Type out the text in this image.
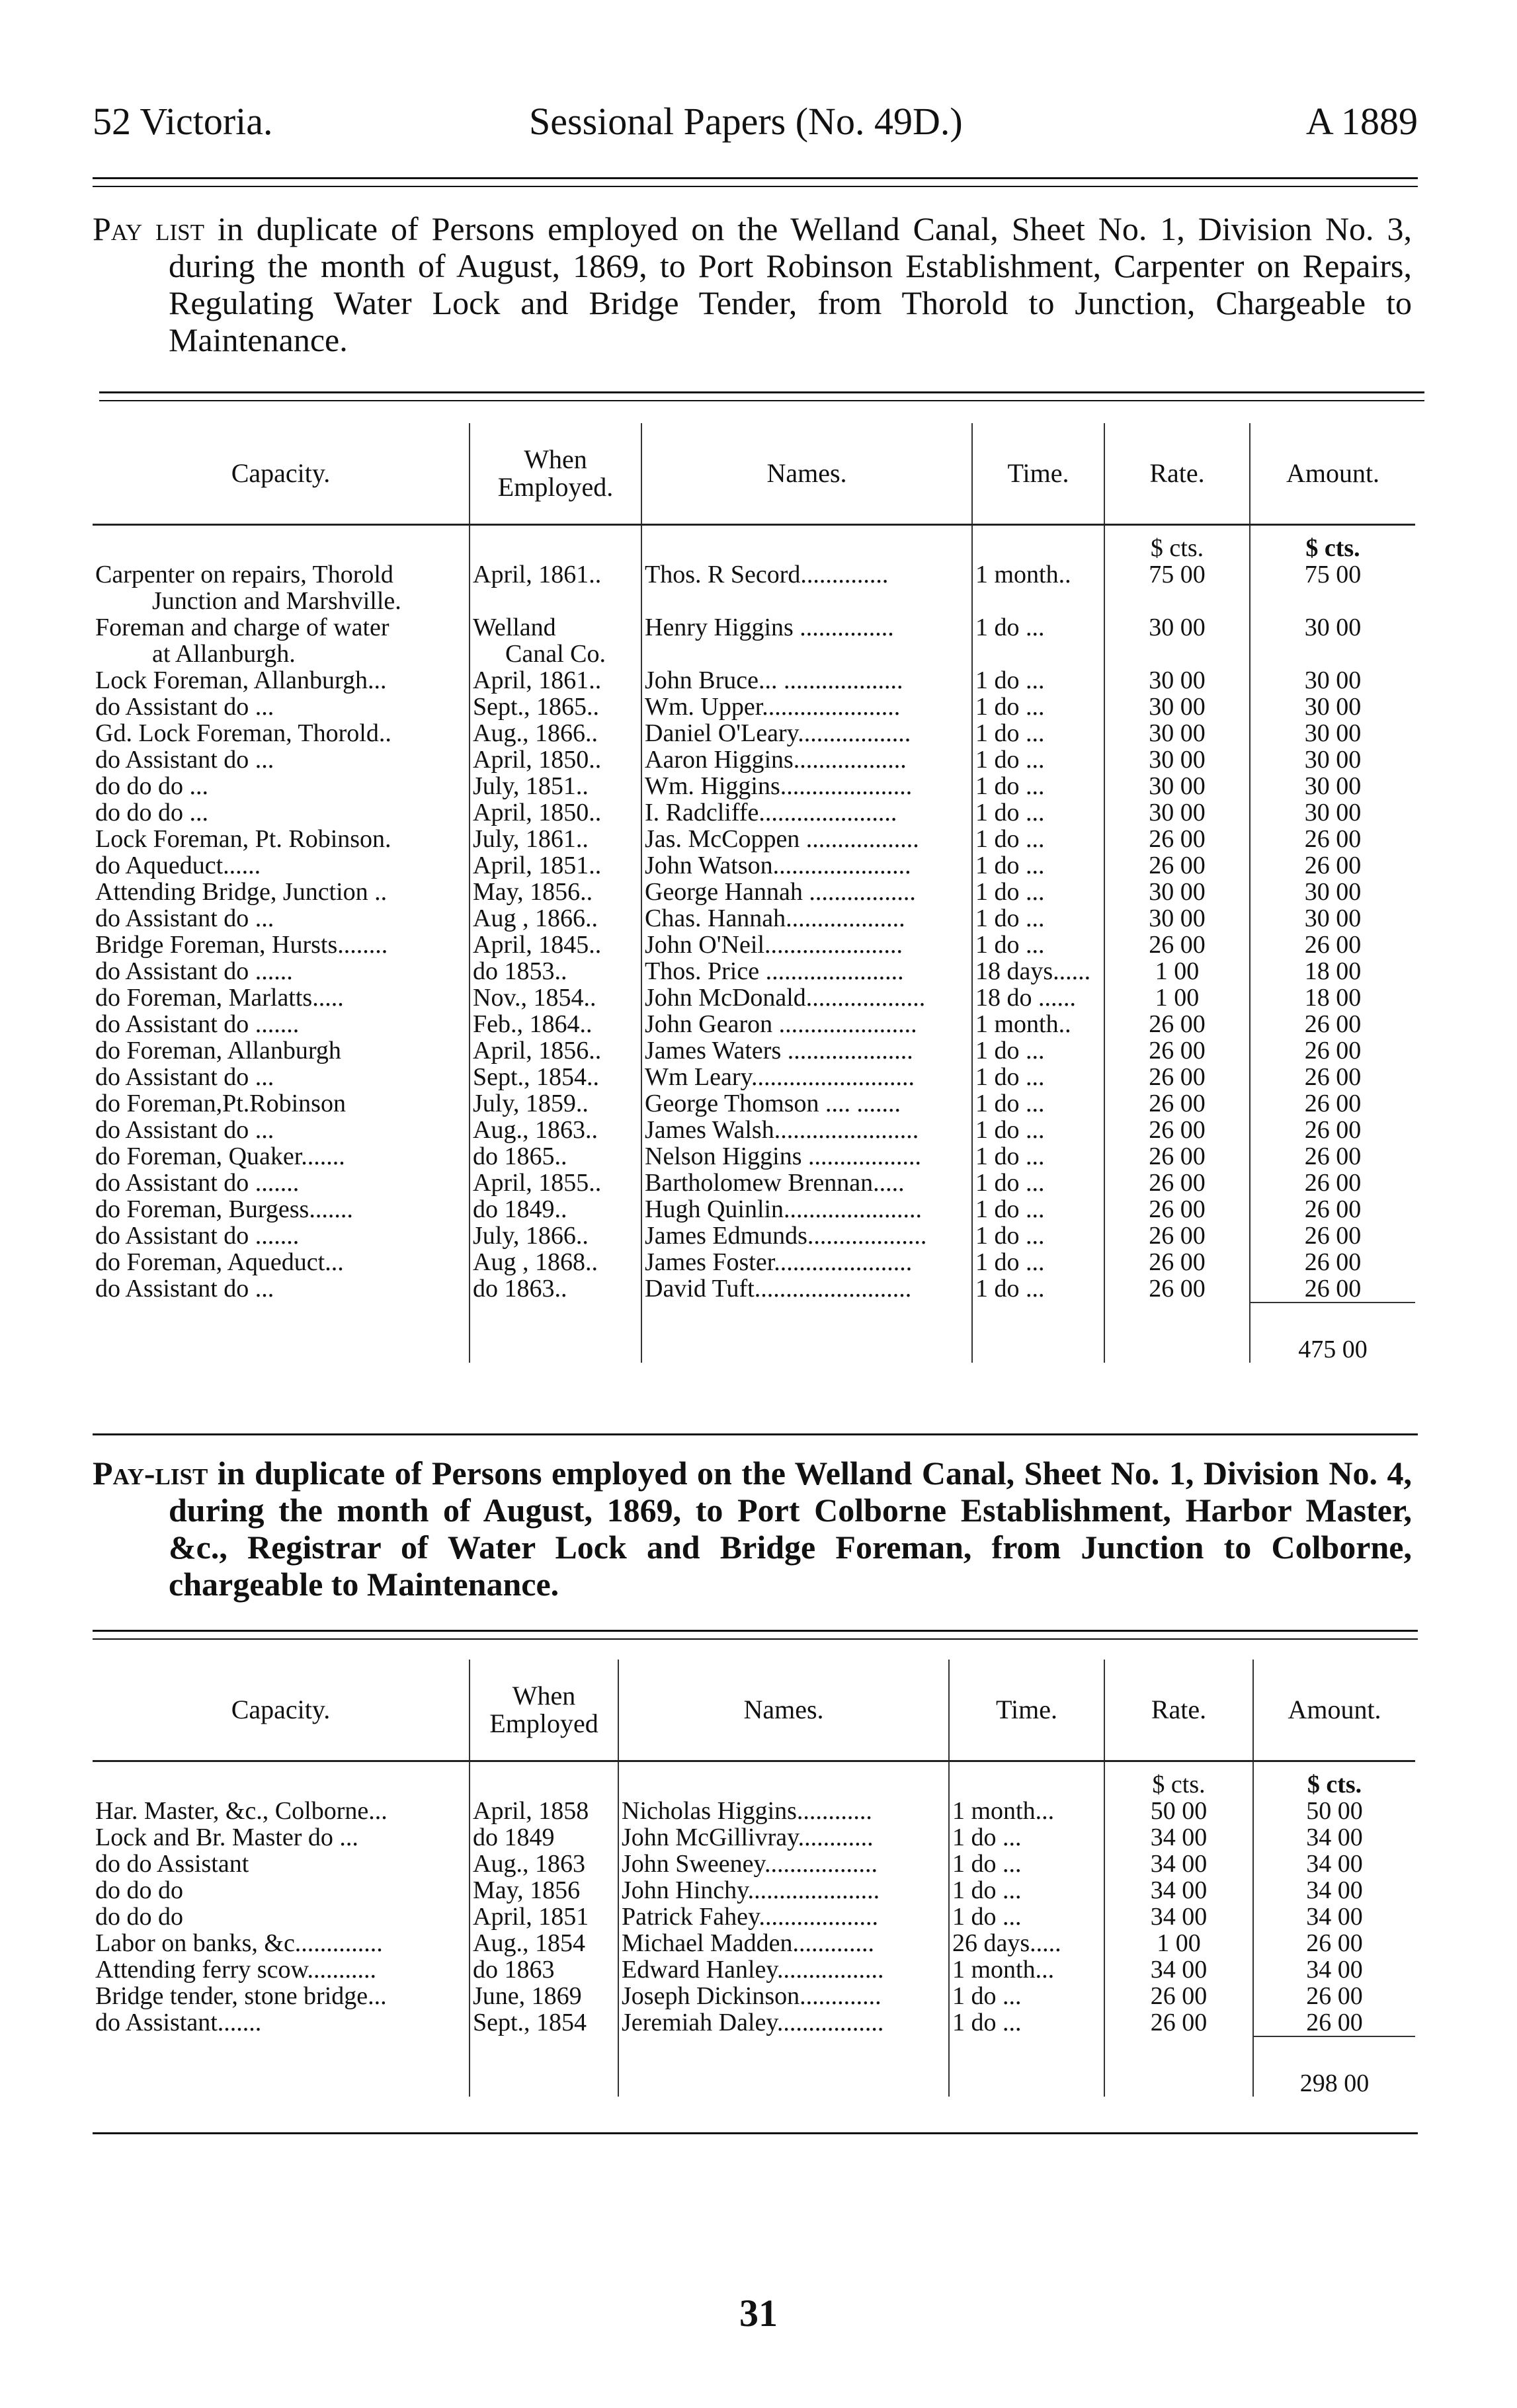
52 Victoria.	Sessional Papers (No. 49D.)	A 1889

Pay list in duplicate of Persons employed on the Welland Canal, Sheet No. 1, Division No. 3, during the month of August, 1869, to Port Robinson Establishment, Carpenter on Repairs, Regulating Water Lock and Bridge Tender, from Thorold to Junction, Chargeable to Maintenance.

Capacity.	When Employed.	Names.	Time.	Rate.	Amount.
				$ cts.	$ cts.
Carpenter on repairs, Thorold	April, 1861..	Thos. R Secord..............	1 month..	75 00	75 00
Junction and Marshville.					
Foreman and charge of water	Welland	Henry Higgins ...............	1 do ...	30 00	30 00
at Allanburgh.	Canal Co.				
Lock Foreman, Allanburgh...	April, 1861..	John Bruce... ...................	1 do ...	30 00	30 00
do Assistant do ...	Sept., 1865..	Wm. Upper......................	1 do ...	30 00	30 00
Gd. Lock Foreman, Thorold..	Aug., 1866..	Daniel O'Leary..................	1 do ...	30 00	30 00
do Assistant do ...	April, 1850..	Aaron Higgins..................	1 do ...	30 00	30 00
do do do ...	July, 1851..	Wm. Higgins.....................	1 do ...	30 00	30 00
do do do ...	April, 1850..	I. Radcliffe......................	1 do ...	30 00	30 00
Lock Foreman, Pt. Robinson.	July, 1861..	Jas. McCoppen ..................	1 do ...	26 00	26 00
do Aqueduct......	April, 1851..	John Watson......................	1 do ...	26 00	26 00
Attending Bridge, Junction ..	May, 1856..	George Hannah .................	1 do ...	30 00	30 00
do Assistant do ...	Aug , 1866..	Chas. Hannah...................	1 do ...	30 00	30 00
Bridge Foreman, Hursts........	April, 1845..	John O'Neil......................	1 do ...	26 00	26 00
do Assistant do ......	do 1853..	Thos. Price ......................	18 days......	1 00	18 00
do Foreman, Marlatts.....	Nov., 1854..	John McDonald...................	18 do ......	1 00	18 00
do Assistant do .......	Feb., 1864..	John Gearon ......................	1 month..	26 00	26 00
do Foreman, Allanburgh	April, 1856..	James Waters ....................	1 do ...	26 00	26 00
do Assistant do ...	Sept., 1854..	Wm Leary..........................	1 do ...	26 00	26 00
do Foreman,Pt.Robinson	July, 1859..	George Thomson .... .......	1 do ...	26 00	26 00
do Assistant do ...	Aug., 1863..	James Walsh.......................	1 do ...	26 00	26 00
do Foreman, Quaker.......	do 1865..	Nelson Higgins ..................	1 do ...	26 00	26 00
do Assistant do .......	April, 1855..	Bartholomew Brennan.....	1 do ...	26 00	26 00
do Foreman, Burgess.......	do 1849..	Hugh Quinlin......................	1 do ...	26 00	26 00
do Assistant do .......	July, 1866..	James Edmunds...................	1 do ...	26 00	26 00
do Foreman, Aqueduct...	Aug , 1868..	James Foster......................	1 do ...	26 00	26 00
do Assistant do ...	do 1863..	David Tuft.........................	1 do ...	26 00	26 00
					475 00

Pay-list in duplicate of Persons employed on the Welland Canal, Sheet No. 1, Division No. 4, during the month of August, 1869, to Port Colborne Establishment, Harbor Master, &c., Registrar of Water Lock and Bridge Foreman, from Junction to Colborne, chargeable to Maintenance.

Capacity.	When Employed	Names.	Time.	Rate.	Amount.
				$ cts.	$ cts.
Har. Master, &c., Colborne...	April, 1858	Nicholas Higgins............	1 month...	50 00	50 00
Lock and Br. Master do ...	do 1849	John McGillivray............	1 do ...	34 00	34 00
do do Assistant	Aug., 1863	John Sweeney..................	1 do ...	34 00	34 00
do do do	May, 1856	John Hinchy.....................	1 do ...	34 00	34 00
do do do	April, 1851	Patrick Fahey...................	1 do ...	34 00	34 00
Labor on banks, &c..............	Aug., 1854	Michael Madden.............	26 days.....	1 00	26 00
Attending ferry scow...........	do 1863	Edward Hanley.................	1 month...	34 00	34 00
Bridge tender, stone bridge...	June, 1869	Joseph Dickinson.............	1 do ...	26 00	26 00
do Assistant.......	Sept., 1854	Jeremiah Daley.................	1 do ...	26 00	26 00
					298 00
31
